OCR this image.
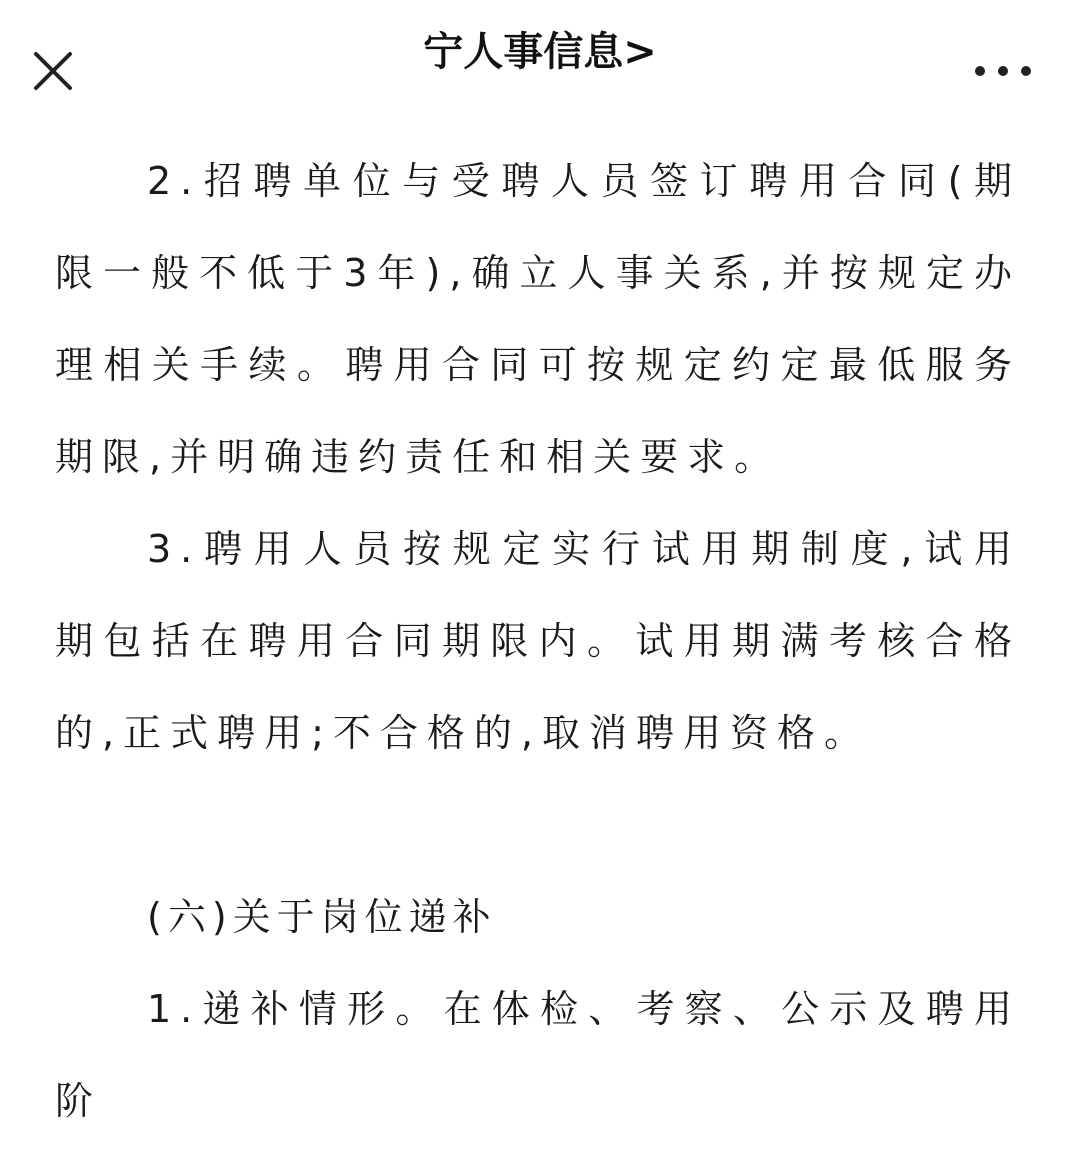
宁人事信息>

2.招聘单位与受聘人员签订聘用合同(期限一般不低于3年),确立人事关系,并按规定办理相关手续。聘用合同可按规定约定最低服务期限,并明确违约责任和相关要求。

3.聘用人员按规定实行试用期制度,试用期包括在聘用合同期限内。试用期满考核合格的,正式聘用;不合格的,取消聘用资格。

(六)关于岗位递补

1.递补情形。在体检、考察、公示及聘用阶
